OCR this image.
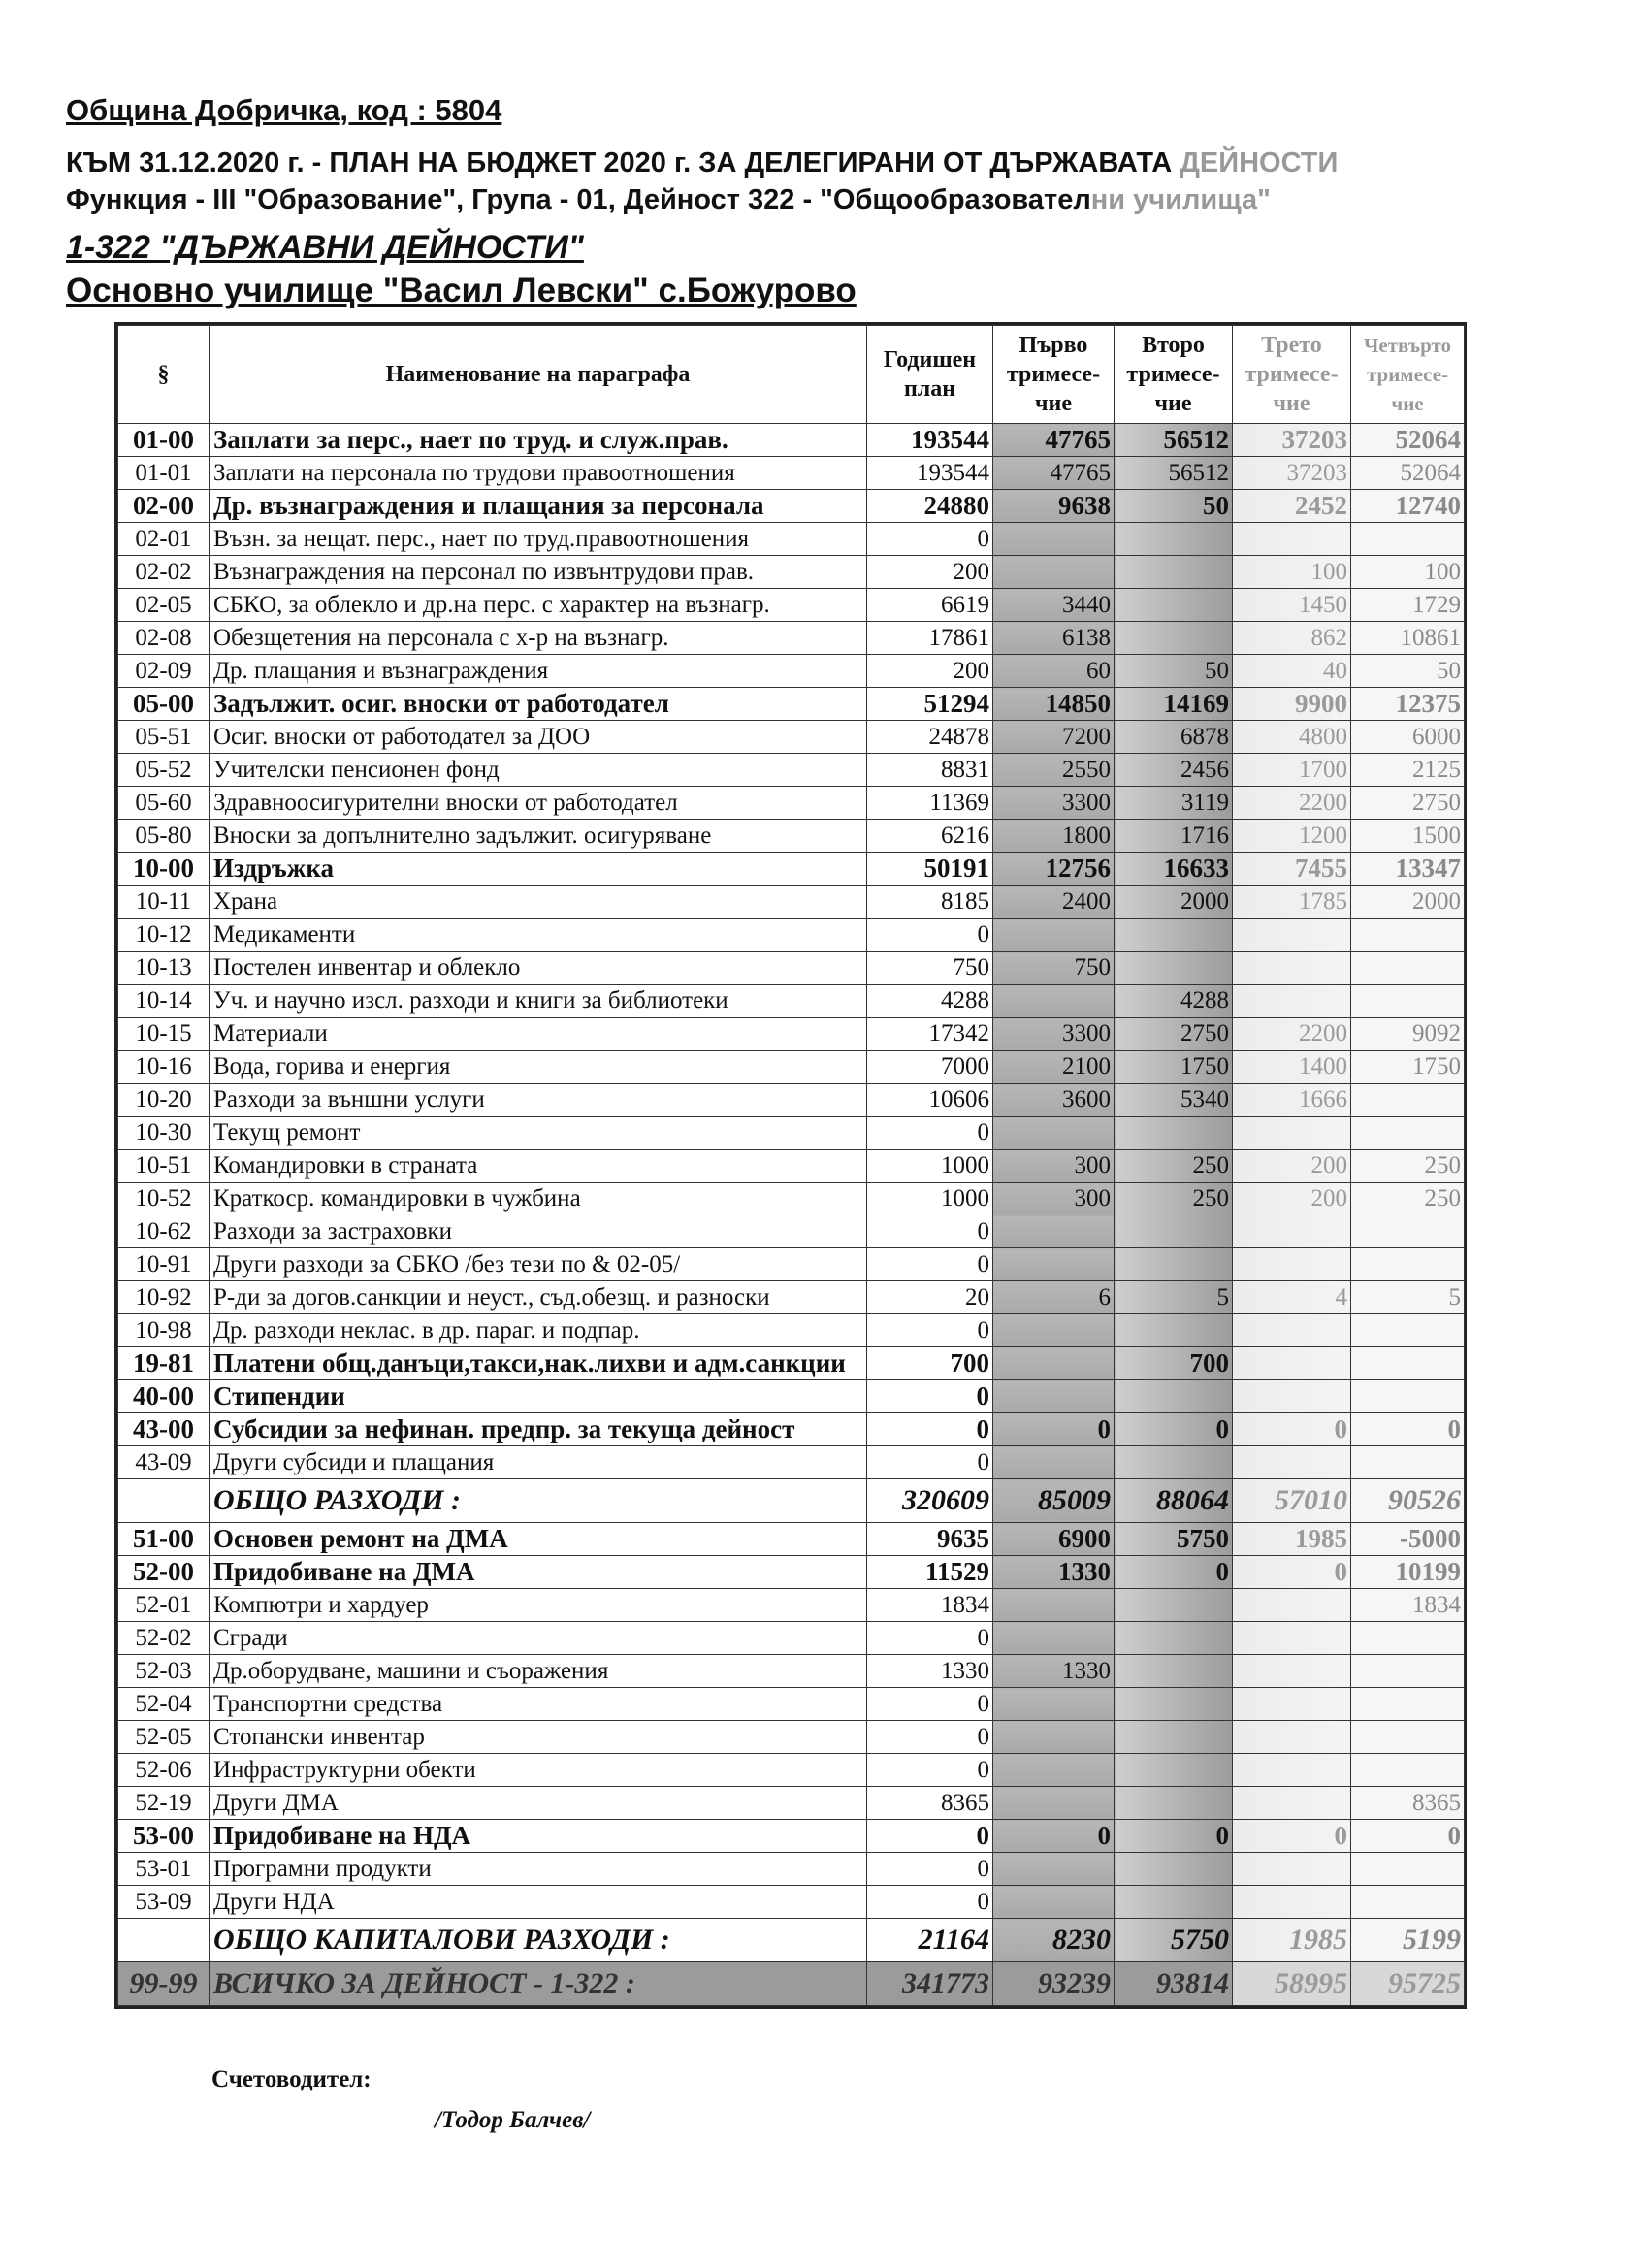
Община Добричка, код : 5804
КЪМ 31.12.2020 г. - ПЛАН НА БЮДЖЕТ 2020 г. ЗА ДЕЛЕГИРАНИ ОТ ДЪРЖАВАТА ДЕЙНОСТИ
Функция - III "Образование", Група - 01, Дейност 322 - "Общообразователни училища"
1-322 "ДЪРЖАВНИ ДЕЙНОСТИ"
Основно училище "Васил Левски" с.Божурово
§	Наименование на параграфа	Годишен план	Първо тримесе-чие	Второ тримесе-чие	Трето тримесе-чие	Четвърто тримесе-чие
01-00	Заплати за перс., нает по труд. и служ.прав.	193544	47765	56512	37203	52064
01-01	Заплати на персонала по трудови правоотношения	193544	47765	56512	37203	52064
02-00	Др. възнаграждения и плащания за персонала	24880	9638	50	2452	12740
02-01	Възн. за нещат. перс., нает по труд.правоотношения	0				
02-02	Възнаграждения на персонал по извънтрудови прав.	200			100	100
02-05	СБКО, за облекло и др.на перс. с характер на възнагр.	6619	3440		1450	1729
02-08	Обезщетения на персонала с х-р на възнагр.	17861	6138		862	10861
02-09	Др. плащания и възнаграждения	200	60	50	40	50
05-00	Задължит. осиг. вноски от работодател	51294	14850	14169	9900	12375
05-51	Осиг. вноски от работодател за ДОО	24878	7200	6878	4800	6000
05-52	Учителски пенсионен фонд	8831	2550	2456	1700	2125
05-60	Здравноосигурителни вноски от работодател	11369	3300	3119	2200	2750
05-80	Вноски за допълнително задължит. осигуряване	6216	1800	1716	1200	1500
10-00	Издръжка	50191	12756	16633	7455	13347
10-11	Храна	8185	2400	2000	1785	2000
10-12	Медикаменти	0				
10-13	Постелен инвентар и облекло	750	750			
10-14	Уч. и научно изсл. разходи и книги за библиотеки	4288		4288		
10-15	Материали	17342	3300	2750	2200	9092
10-16	Вода, горива и енергия	7000	2100	1750	1400	1750
10-20	Разходи за външни услуги	10606	3600	5340	1666	
10-30	Текущ ремонт	0				
10-51	Командировки в страната	1000	300	250	200	250
10-52	Краткоср. командировки в чужбина	1000	300	250	200	250
10-62	Разходи за застраховки	0				
10-91	Други разходи за СБКО /без тези по & 02-05/	0				
10-92	Р-ди за догов.санкции и неуст., съд.обезщ. и разноски	20	6	5	4	5
10-98	Др. разходи неклас. в др. параг. и подпар.	0				
19-81	Платени общ.данъци,такси,нак.лихви и адм.санкции	700		700		
40-00	Стипендии	0				
43-00	Субсидии за нефинан. предпр. за текуща дейност	0	0	0	0	0
43-09	Други субсиди и плащания	0				
	ОБЩО РАЗХОДИ :	320609	85009	88064	57010	90526
51-00	Основен ремонт на ДМА	9635	6900	5750	1985	-5000
52-00	Придобиване на ДМА	11529	1330	0	0	10199
52-01	Компютри и хардуер	1834				1834
52-02	Сгради	0				
52-03	Др.оборудване, машини и съоражения	1330	1330			
52-04	Транспортни средства	0				
52-05	Стопански инвентар	0				
52-06	Инфраструктурни обекти	0				
52-19	Други ДМА	8365				8365
53-00	Придобиване на НДА	0	0	0	0	0
53-01	Програмни продукти	0				
53-09	Други НДА	0				
	ОБЩО КАПИТАЛОВИ РАЗХОДИ :	21164	8230	5750	1985	5199
99-99	ВСИЧКО ЗА ДЕЙНОСТ - 1-322 :	341773	93239	93814	58995	95725
Счетоводител:
/Тодор Балчев/
